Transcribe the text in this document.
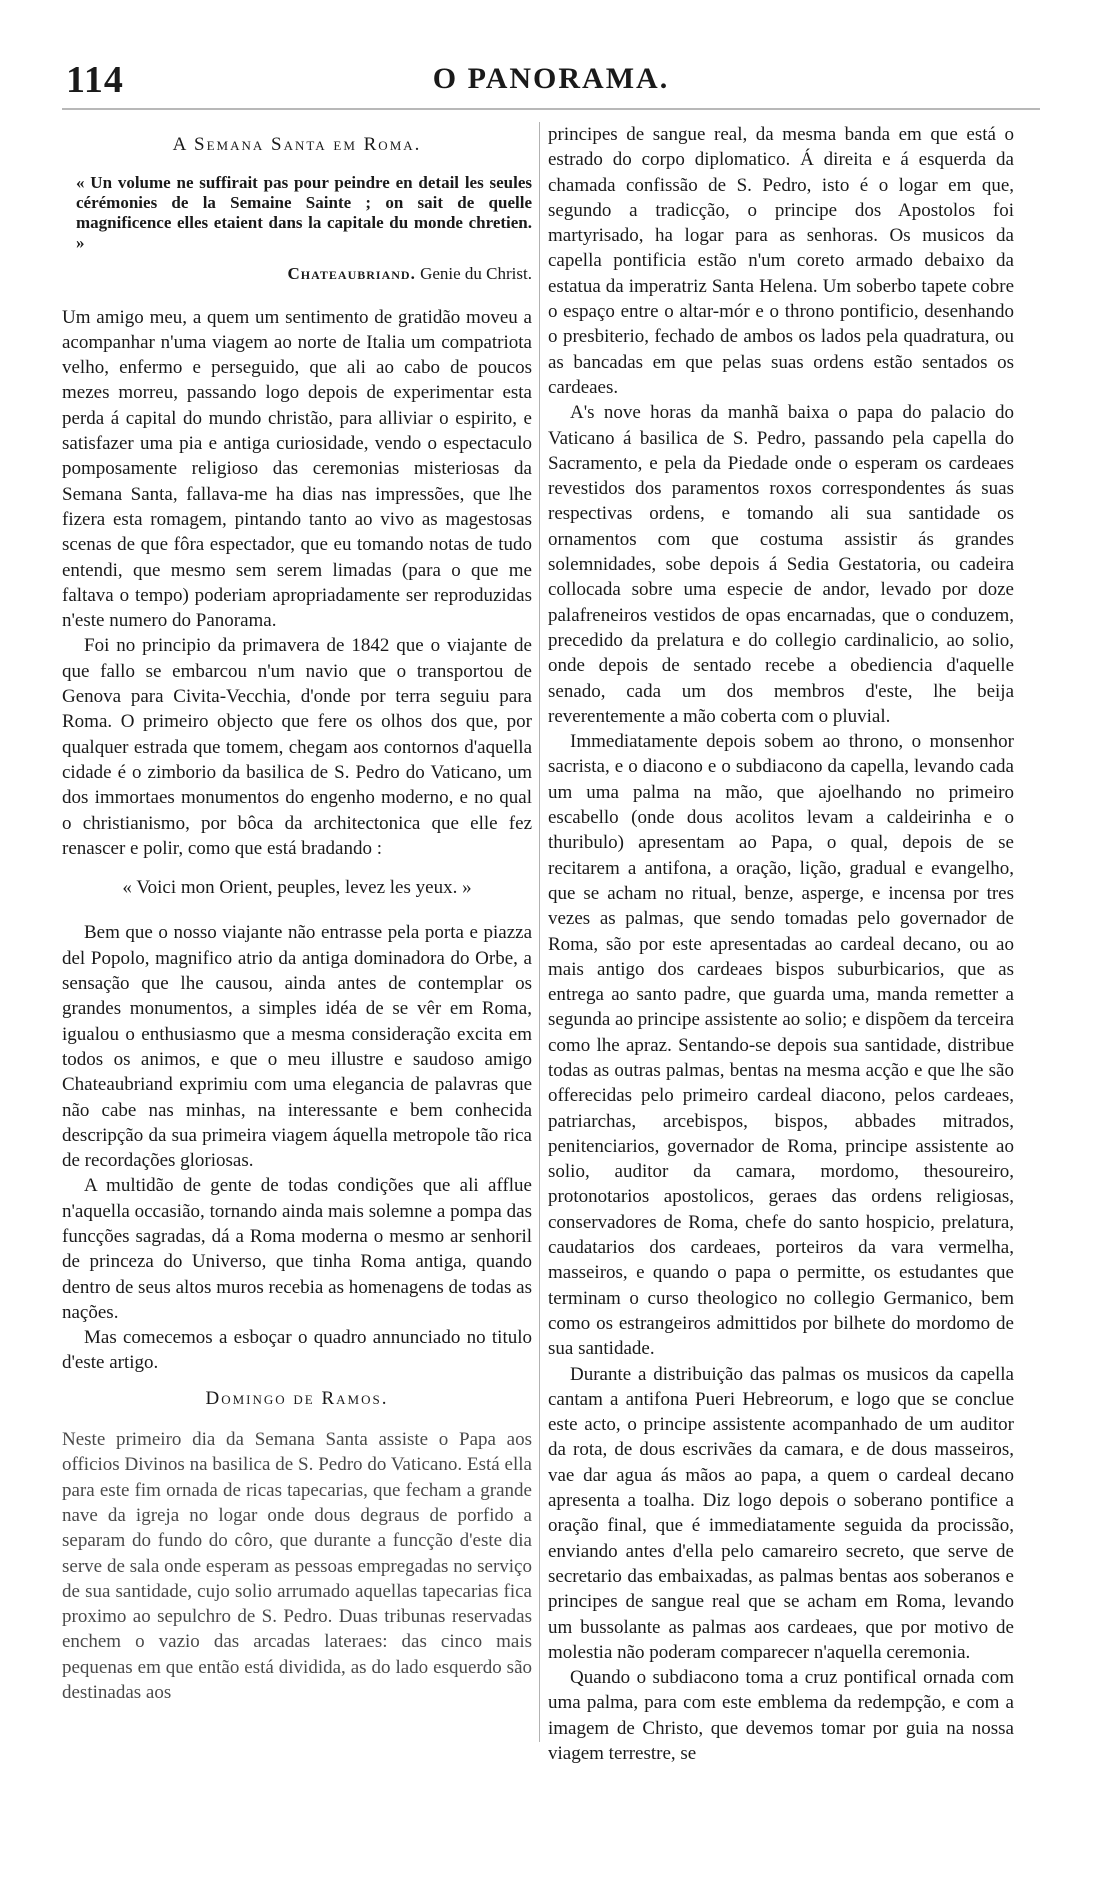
114	O PANORAMA.
A Semana Santa em Roma.
« Un volume ne suffirait pas pour peindre en detail les seules cérémonies de la Semaine Sainte ; on sait de quelle magnificence elles etaient dans la capitale du monde chretien. »
Chateaubriand. Genie du Christ.

Um amigo meu, a quem um sentimento de gratidão moveu a acompanhar n'uma viagem ao norte de Italia um compatriota velho, enfermo e perseguido, que ali ao cabo de poucos mezes morreu, passando logo depois de experimentar esta perda á capital do mundo christão, para alliviar o espirito, e satisfazer uma pia e antiga curiosidade, vendo o espectaculo pomposamente religioso das ceremonias misteriosas da Semana Santa, fallava-me ha dias nas impressões, que lhe fizera esta romagem, pintando tanto ao vivo as magestosas scenas de que fôra espectador, que eu tomando notas de tudo entendi, que mesmo sem serem limadas (para o que me faltava o tempo) poderiam apropriadamente ser reproduzidas n'este numero do Panorama.

Foi no principio da primavera de 1842 que o viajante de que fallo se embarcou n'um navio que o transportou de Genova para Civita-Vecchia, d'onde por terra seguiu para Roma. O primeiro objecto que fere os olhos dos que, por qualquer estrada que tomem, chegam aos contornos d'aquella cidade é o zimborio da basilica de S. Pedro do Vaticano, um dos immortaes monumentos do engenho moderno, e no qual o christianismo, por bôca da architectonica que elle fez renascer e polir, como que está bradando :

« Voici mon Orient, peuples, levez les yeux. »

Bem que o nosso viajante não entrasse pela porta e piazza del Popolo, magnifico atrio da antiga dominadora do Orbe, a sensação que lhe causou, ainda antes de contemplar os grandes monumentos, a simples idéa de se vêr em Roma, igualou o enthusiasmo que a mesma consideração excita em todos os animos, e que o meu illustre e saudoso amigo Chateaubriand exprimiu com uma elegancia de palavras que não cabe nas minhas, na interessante e bem conhecida descripção da sua primeira viagem áquella metropole tão rica de recordações gloriosas.

A multidão de gente de todas condições que ali afflue n'aquella occasião, tornando ainda mais solemne a pompa das funcções sagradas, dá a Roma moderna o mesmo ar senhoril de princeza do Universo, que tinha Roma antiga, quando dentro de seus altos muros recebia as homenagens de todas as nações.

Mas comecemos a esboçar o quadro annunciado no titulo d'este artigo.

Domingo de Ramos.

Neste primeiro dia da Semana Santa assiste o Papa aos officios Divinos na basilica de S. Pedro do Vaticano. Está ella para este fim ornada de ricas tapecarias, que fecham a grande nave da igreja no logar onde dous degraus de porfido a separam do fundo do côro, que durante a funcção d'este dia serve de sala onde esperam as pessoas empregadas no serviço de sua santidade, cujo solio arrumado aquellas tapecarias fica proximo ao sepulchro de S. Pedro. Duas tribunas reservadas enchem o vazio das arcadas lateraes: das cinco mais pequenas em que então está dividida, as do lado esquerdo são destinadas aos

principes de sangue real, da mesma banda em que está o estrado do corpo diplomatico. Á direita e á esquerda da chamada confissão de S. Pedro, isto é o logar em que, segundo a tradicção, o principe dos Apostolos foi martyrisado, ha logar para as senhoras. Os musicos da capella pontificia estão n'um coreto armado debaixo da estatua da imperatriz Santa Helena. Um soberbo tapete cobre o espaço entre o altar-mór e o throno pontificio, desenhando o presbiterio, fechado de ambos os lados pela quadratura, ou as bancadas em que pelas suas ordens estão sentados os cardeaes.

A's nove horas da manhã baixa o papa do palacio do Vaticano á basilica de S. Pedro, passando pela capella do Sacramento, e pela da Piedade onde o esperam os cardeaes revestidos dos paramentos roxos correspondentes ás suas respectivas ordens, e tomando ali sua santidade os ornamentos com que costuma assistir ás grandes solemnidades, sobe depois á Sedia Gestatoria, ou cadeira collocada sobre uma especie de andor, levado por doze palafreneiros vestidos de opas encarnadas, que o conduzem, precedido da prelatura e do collegio cardinalicio, ao solio, onde depois de sentado recebe a obediencia d'aquelle senado, cada um dos membros d'este, lhe beija reverentemente a mão coberta com o pluvial.

Immediatamente depois sobem ao throno, o monsenhor sacrista, e o diacono e o subdiacono da capella, levando cada um uma palma na mão, que ajoelhando no primeiro escabello (onde dous acolitos levam a caldeirinha e o thuribulo) apresentam ao Papa, o qual, depois de se recitarem a antifona, a oração, lição, gradual e evangelho, que se acham no ritual, benze, asperge, e incensa por tres vezes as palmas, que sendo tomadas pelo governador de Roma, são por este apresentadas ao cardeal decano, ou ao mais antigo dos cardeaes bispos suburbicarios, que as entrega ao santo padre, que guarda uma, manda remetter a segunda ao principe assistente ao solio; e dispõem da terceira como lhe apraz. Sentando-se depois sua santidade, distribue todas as outras palmas, bentas na mesma acção e que lhe são offerecidas pelo primeiro cardeal diacono, pelos cardeaes, patriarchas, arcebispos, bispos, abbades mitrados, penitenciarios, governador de Roma, principe assistente ao solio, auditor da camara, mordomo, thesoureiro, protonotarios apostolicos, geraes das ordens religiosas, conservadores de Roma, chefe do santo hospicio, prelatura, caudatarios dos cardeaes, porteiros da vara vermelha, masseiros, e quando o papa o permitte, os estudantes que terminam o curso theologico no collegio Germanico, bem como os estrangeiros admittidos por bilhete do mordomo de sua santidade.

Durante a distribuição das palmas os musicos da capella cantam a antifona Pueri Hebreorum, e logo que se conclue este acto, o principe assistente acompanhado de um auditor da rota, de dous escrivães da camara, e de dous masseiros, vae dar agua ás mãos ao papa, a quem o cardeal decano apresenta a toalha. Diz logo depois o soberano pontifice a oração final, que é immediatamente seguida da procissão, enviando antes d'ella pelo camareiro secreto, que serve de secretario das embaixadas, as palmas bentas aos soberanos e principes de sangue real que se acham em Roma, levando um bussolante as palmas aos cardeaes, que por motivo de molestia não poderam comparecer n'aquella ceremonia.

Quando o subdiacono toma a cruz pontifical ornada com uma palma, para com este emblema da redempção, e com a imagem de Christo, que devemos tomar por guia na nossa viagem terrestre, se
